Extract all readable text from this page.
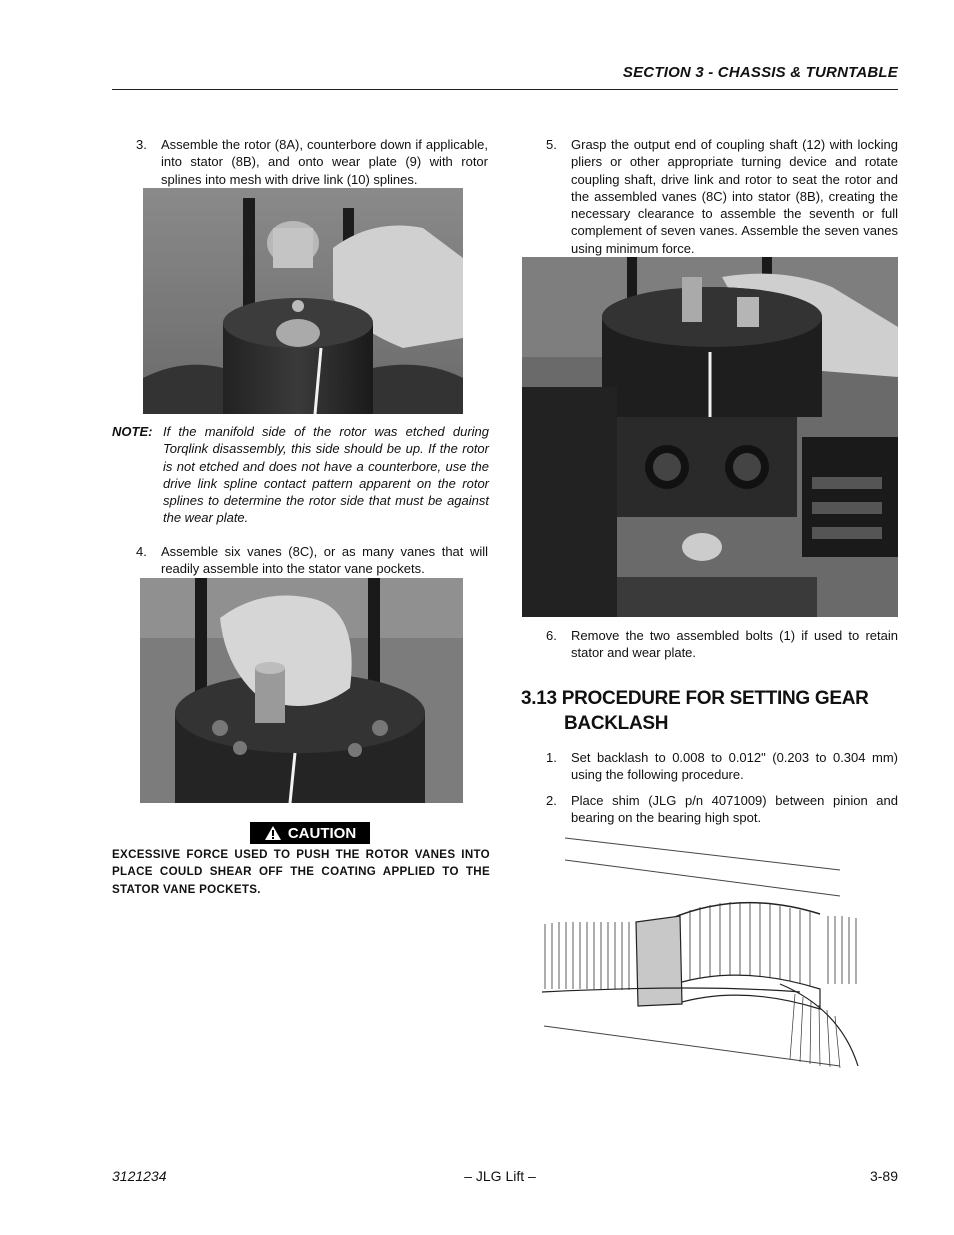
SECTION 3 - CHASSIS & TURNTABLE
3. Assemble the rotor (8A), counterbore down if applicable, into stator (8B), and onto wear plate (9) with rotor splines into mesh with drive link (10) splines.
NOTE: If the manifold side of the rotor was etched during Torqlink disassembly, this side should be up. If the rotor is not etched and does not have a counterbore, use the drive link spline contact pattern apparent on the rotor splines to determine the rotor side that must be against the wear plate.
4. Assemble six vanes (8C), or as many vanes that will readily assemble into the stator vane pockets.
CAUTION
EXCESSIVE FORCE USED TO PUSH THE ROTOR VANES INTO PLACE COULD SHEAR OFF THE COATING APPLIED TO THE STATOR VANE POCKETS.
5. Grasp the output end of coupling shaft (12) with locking pliers or other appropriate turning device and rotate coupling shaft, drive link and rotor to seat the rotor and the assembled vanes (8C) into stator (8B), creating the necessary clearance to assemble the seventh or full complement of seven vanes. Assemble the seven vanes using minimum force.
6. Remove the two assembled bolts (1) if used to retain stator and wear plate.
3.13 PROCEDURE FOR SETTING GEAR
BACKLASH
1. Set backlash to 0.008 to 0.012" (0.203 to 0.304 mm) using the following procedure.
2. Place shim (JLG p/n 4071009) between pinion and bearing on the bearing high spot.
3121234	– JLG Lift –	3-89
